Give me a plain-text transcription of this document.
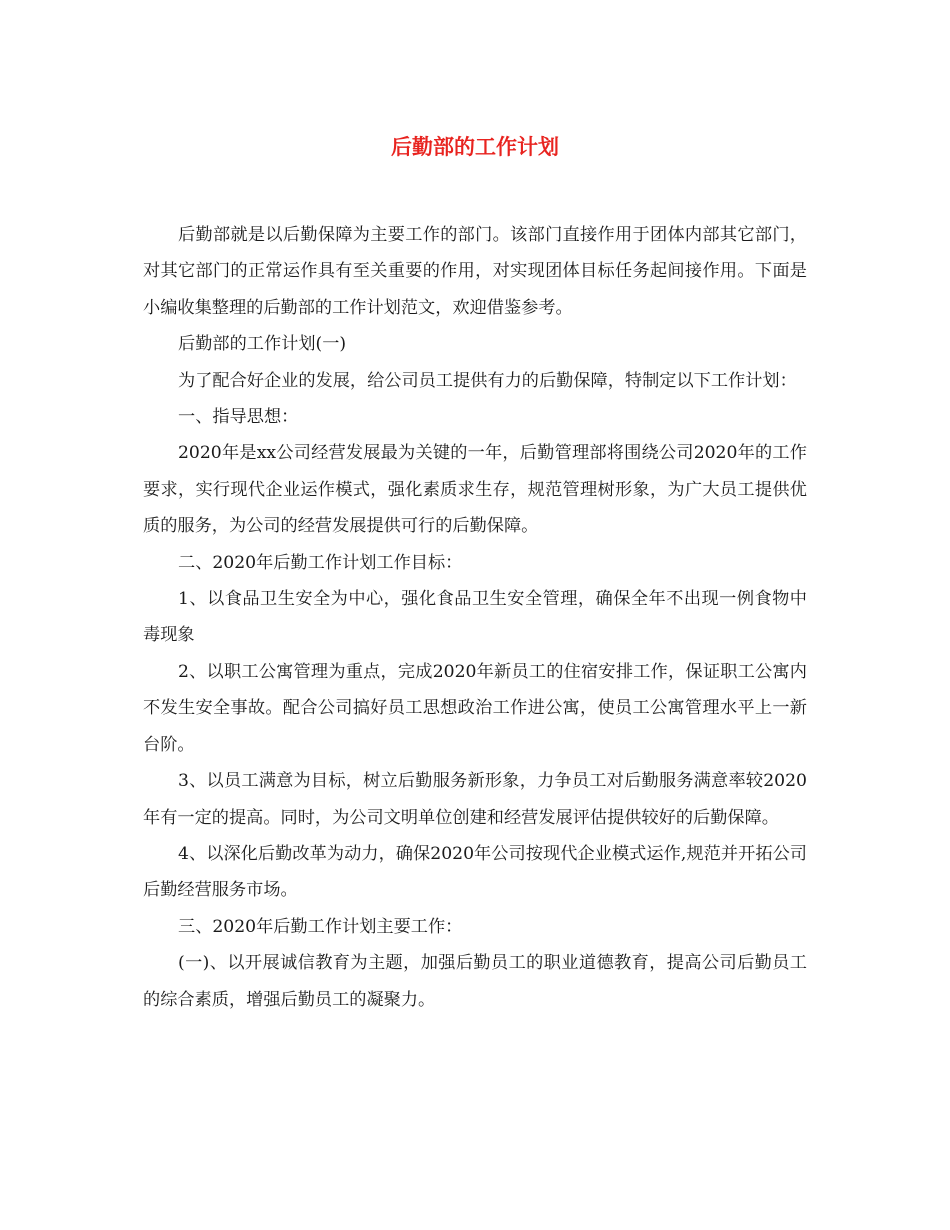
后勤部的工作计划

后勤部就是以后勤保障为主要工作的部门。该部门直接作用于团体内部其它部门，对其它部门的正常运作具有至关重要的作用，对实现团体目标任务起间接作用。下面是小编收集整理的后勤部的工作计划范文，欢迎借鉴参考。

后勤部的工作计划(一)

为了配合好企业的发展，给公司员工提供有力的后勤保障，特制定以下工作计划：

一、指导思想：

2020年是xx公司经营发展最为关键的一年，后勤管理部将围绕公司2020年的工作要求，实行现代企业运作模式，强化素质求生存，规范管理树形象，为广大员工提供优质的服务，为公司的经营发展提供可行的后勤保障。

二、2020年后勤工作计划工作目标：

1、以食品卫生安全为中心，强化食品卫生安全管理，确保全年不出现一例食物中毒现象

2、以职工公寓管理为重点，完成2020年新员工的住宿安排工作，保证职工公寓内不发生安全事故。配合公司搞好员工思想政治工作进公寓，使员工公寓管理水平上一新台阶。

3、以员工满意为目标，树立后勤服务新形象，力争员工对后勤服务满意率较2020年有一定的提高。同时，为公司文明单位创建和经营发展评估提供较好的后勤保障。

4、以深化后勤改革为动力，确保2020年公司按现代企业模式运作,规范并开拓公司后勤经营服务市场。

三、2020年后勤工作计划主要工作：

(一)、以开展诚信教育为主题，加强后勤员工的职业道德教育，提高公司后勤员工的综合素质，增强后勤员工的凝聚力。
